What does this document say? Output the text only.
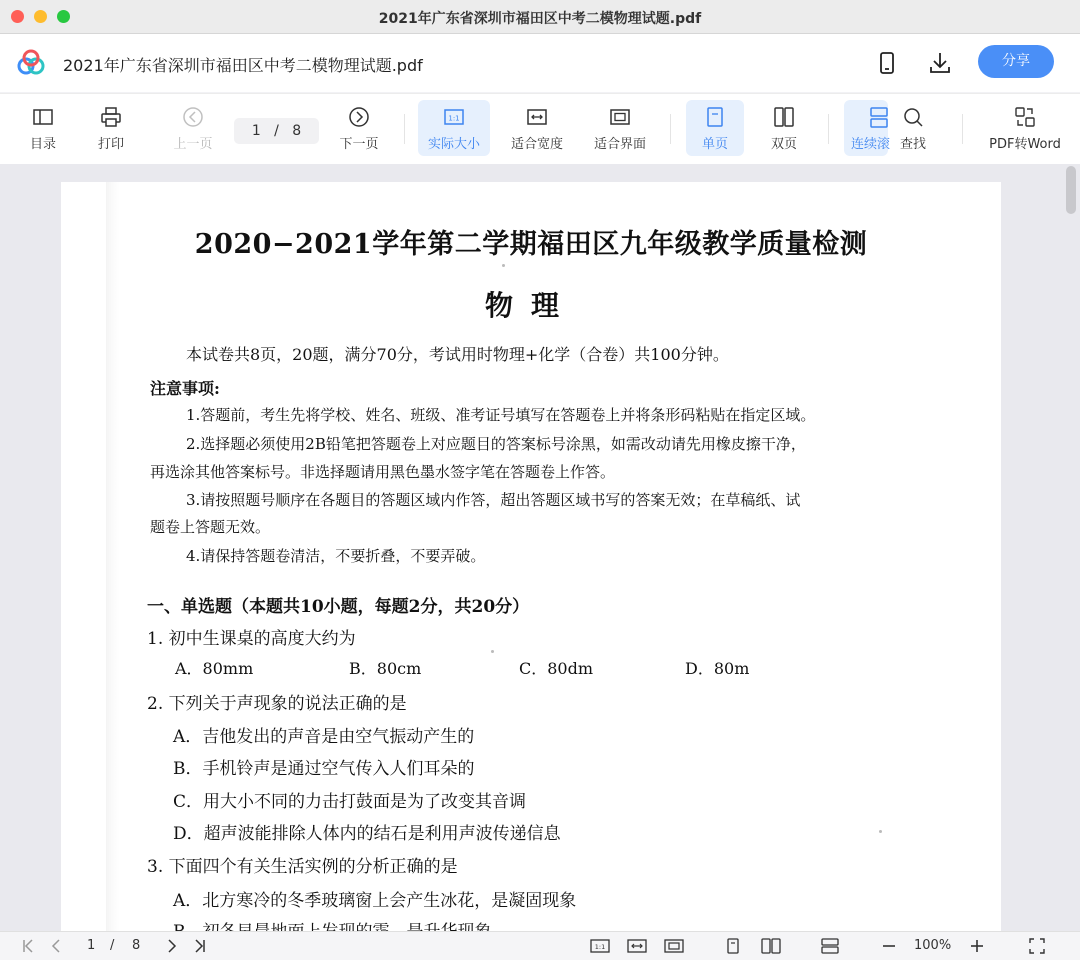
2021年广东省深圳市福田区中考二模物理试题.pdf
2021年广东省深圳市福田区中考二模物理试题.pdf	分享
目录	打印	上一页
1 / 8
下一页
1:1
实际大小	适合宽度	适合界面	单页	双页	连续滚 查找	PDF转Word
2020−2021学年第二学期福田区九年级教学质量检测
物理
本试卷共8页，20题，满分70分，考试用时物理+化学（合卷）共100分钟。
注意事项:
1.答题前，考生先将学校、姓名、班级、准考证号填写在答题卷上并将条形码粘贴在指定区域。
2.选择题必须使用2B铅笔把答题卷上对应题目的答案标号涂黑，如需改动请先用橡皮擦干净，
再选涂其他答案标号。非选择题请用黑色墨水签字笔在答题卷上作答。
3.请按照题号顺序在各题目的答题区域内作答，超出答题区域书写的答案无效；在草稿纸、试
题卷上答题无效。
4.请保持答题卷清洁，不要折叠，不要弄破。
一、单选题（本题共10小题，每题2分，共20分）
1. 初中生课桌的高度大约为
A．80mm	B．80cm	C．80dm	D．80m
2. 下列关于声现象的说法正确的是
A．吉他发出的声音是由空气振动产生的
B．手机铃声是通过空气传入人们耳朵的
C．用大小不同的力击打鼓面是为了改变其音调
D．超声波能排除人体内的结石是利用声波传递信息
3. 下面四个有关生活实例的分析正确的是
A．北方寒冷的冬季玻璃窗上会产生冰花，是凝固现象
1 / 8	1:1	100%
